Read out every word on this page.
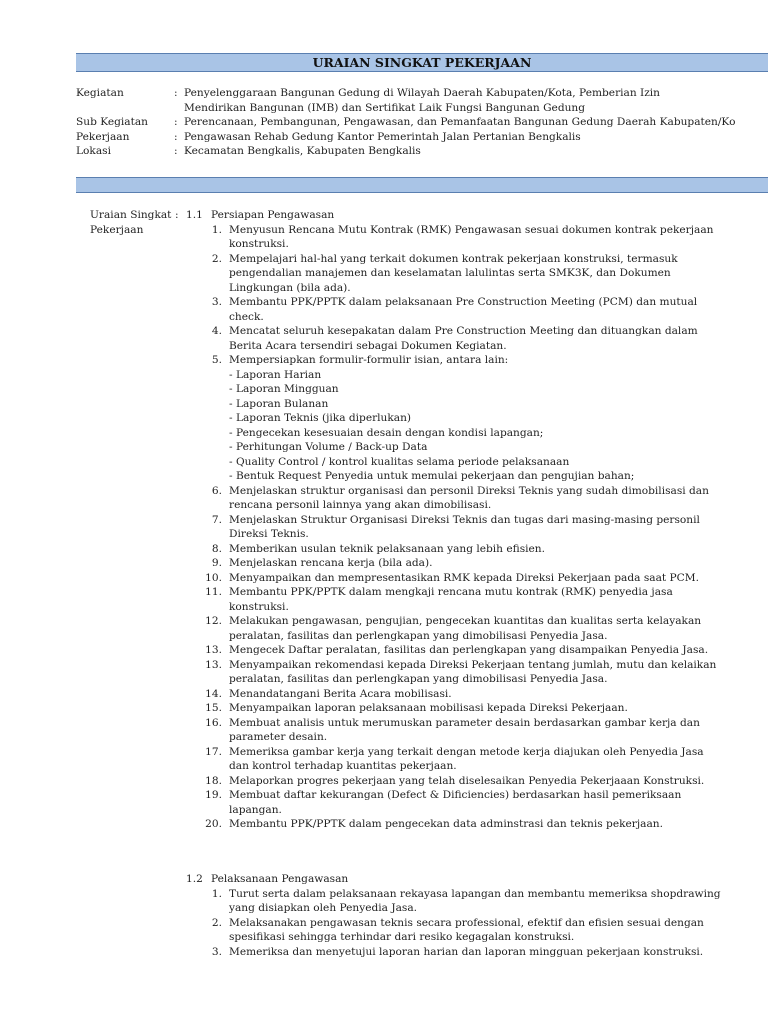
URAIAN SINGKAT PEKERJAAN
Kegiatan	: Penyelenggaraan Bangunan Gedung di Wilayah Daerah Kabupaten/Kota, Pemberian Izin
Mendirikan Bangunan (IMB) dan Sertifikat Laik Fungsi Bangunan Gedung
Sub Kegiatan	: Perencanaan, Pembangunan, Pengawasan, dan Pemanfaatan Bangunan Gedung Daerah Kabupaten/Ko
Pekerjaan	: Pengawasan Rehab Gedung Kantor Pemerintah Jalan Pertanian Bengkalis
Lokasi	: Kecamatan Bengkalis, Kabupaten Bengkalis
Uraian Singkat
Pekerjaan
: 1.1 Persiapan Pengawasan
1. Menyusun Rencana Mutu Kontrak (RMK) Pengawasan sesuai dokumen kontrak pekerjaan
konstruksi.
2. Mempelajari hal-hal yang terkait dokumen kontrak pekerjaan konstruksi, termasuk
pengendalian manajemen dan keselamatan lalulintas serta SMK3K, dan Dokumen
Lingkungan (bila ada).
3. Membantu PPK/PPTK dalam pelaksanaan Pre Construction Meeting (PCM) dan mutual
check.
4. Mencatat seluruh kesepakatan dalam Pre Construction Meeting dan dituangkan dalam
Berita Acara tersendiri sebagai Dokumen Kegiatan.
5. Mempersiapkan formulir-formulir isian, antara lain:
- Laporan Harian
- Laporan Mingguan
- Laporan Bulanan
- Laporan Teknis (jika diperlukan)
- Pengecekan kesesuaian desain dengan kondisi lapangan;
- Perhitungan Volume / Back-up Data
- Quality Control / kontrol kualitas selama periode pelaksanaan
- Bentuk Request Penyedia untuk memulai pekerjaan dan pengujian bahan;
6. Menjelaskan struktur organisasi dan personil Direksi Teknis yang sudah dimobilisasi dan
rencana personil lainnya yang akan dimobilisasi.
7. Menjelaskan Struktur Organisasi Direksi Teknis dan tugas dari masing-masing personil
Direksi Teknis.
8. Memberikan usulan teknik pelaksanaan yang lebih efisien.
9. Menjelaskan rencana kerja (bila ada).
10. Menyampaikan dan mempresentasikan RMK kepada Direksi Pekerjaan pada saat PCM.
11. Membantu PPK/PPTK dalam mengkaji rencana mutu kontrak (RMK) penyedia jasa
konstruksi.
12. Melakukan pengawasan, pengujian, pengecekan kuantitas dan kualitas serta kelayakan
peralatan, fasilitas dan perlengkapan yang dimobilisasi Penyedia Jasa.
13. Mengecek Daftar peralatan, fasilitas dan perlengkapan yang disampaikan Penyedia Jasa.
13. Menyampaikan rekomendasi kepada Direksi Pekerjaan tentang jumlah, mutu dan kelaikan
peralatan, fasilitas dan perlengkapan yang dimobilisasi Penyedia Jasa.
14. Menandatangani Berita Acara mobilisasi.
15. Menyampaikan laporan pelaksanaan mobilisasi kepada Direksi Pekerjaan.
16. Membuat analisis untuk merumuskan parameter desain berdasarkan gambar kerja dan
parameter desain.
17. Memeriksa gambar kerja yang terkait dengan metode kerja diajukan oleh Penyedia Jasa
dan kontrol terhadap kuantitas pekerjaan.
18. Melaporkan progres pekerjaan yang telah diselesaikan Penyedia Pekerjaaan Konstruksi.
19. Membuat daftar kekurangan (Defect & Dificiencies) berdasarkan hasil pemeriksaan
lapangan.
20. Membantu PPK/PPTK dalam pengecekan data adminstrasi dan teknis pekerjaan.
1.2 Pelaksanaan Pengawasan
1. Turut serta dalam pelaksanaan rekayasa lapangan dan membantu memeriksa shopdrawing
yang disiapkan oleh Penyedia Jasa.
2. Melaksanakan pengawasan teknis secara professional, efektif dan efisien sesuai dengan
spesifikasi sehingga terhindar dari resiko kegagalan konstruksi.
3. Memeriksa dan menyetujui laporan harian dan laporan mingguan pekerjaan konstruksi.
